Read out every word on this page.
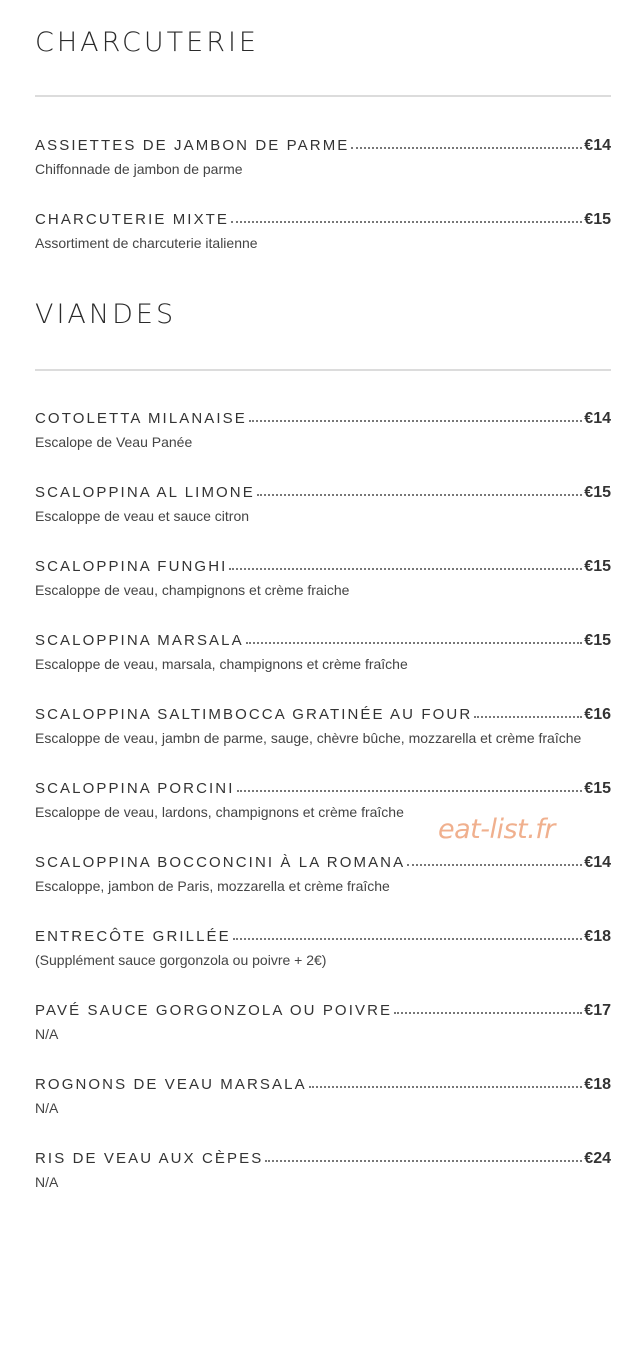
CHARCUTERIE
ASSIETTES DE JAMBON DE PARME	€14

Chiffonnade de jambon de parme

CHARCUTERIE MIXTE	€15

Assortiment de charcuterie italienne

VIANDES
COTOLETTA MILANAISE	€14

Escalope de Veau Panée

SCALOPPINA AL LIMONE	€15

Escaloppe de veau et sauce citron

SCALOPPINA FUNGHI	€15

Escaloppe de veau, champignons et crème fraiche

SCALOPPINA MARSALA	€15

Escaloppe de veau, marsala, champignons et crème fraîche

SCALOPPINA SALTIMBOCCA GRATINÉE AU FOUR	€16

Escaloppe de veau, jambn de parme, sauge, chèvre bûche, mozzarella et crème fraîche

SCALOPPINA PORCINI	€15

Escaloppe de veau, lardons, champignons et crème fraîche

SCALOPPINA BOCCONCINI À LA ROMANA	€14

Escaloppe, jambon de Paris, mozzarella et crème fraîche

ENTRECÔTE GRILLÉE	€18

(Supplément sauce gorgonzola ou poivre + 2€)

PAVÉ SAUCE GORGONZOLA OU POIVRE	€17

N/A

ROGNONS DE VEAU MARSALA	€18

N/A

RIS DE VEAU AUX CÈPES	€24

N/A

eat-list.fr
